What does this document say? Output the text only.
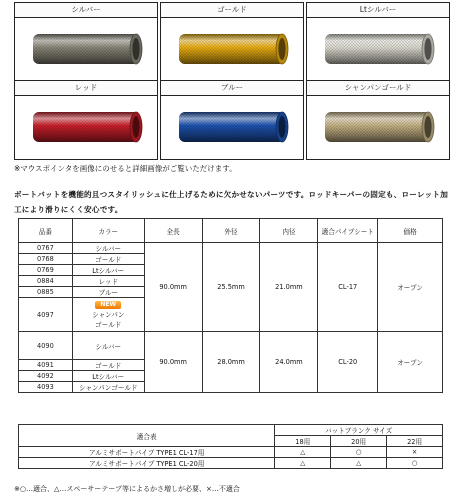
シルバー	ゴールド	Ltシルバー
レッド	ブルー	シャンパンゴールド
※マウスポインタを画像にのせると詳細画像がご覧いただけます。
ボートバットを機能的且つスタイリッシュに仕上げるために欠かせないパーツです。ロッドキーパーの固定も、ローレット加工により滑りにくく安心です。
品番	カラー	全長	外径	内径	適合パイプシート	価格
0767	シルバー	90.0mm	25.5mm	21.0mm	CL-17	オープン
0768	ゴールド					
0769	Ltシルバー					
0884	レッド					
0885	ブルー					
4097	NEW
シャンパン
ゴールド					
4090	シルバー	90.0mm	28.0mm	24.0mm	CL-20	オープン
4091	ゴールド					
4092	Ltシルバー					
4093	シャンパンゴールド					
適合表	バットブランク サイズ		
	18用	20用	22用
アルミサポートパイプ TYPE1 CL-17用	△	○	×
アルミサポートパイプ TYPE1 CL-20用	△	△	○
※○…適合、△…スペーサーテープ等によるかさ増しが必要、×…不適合
